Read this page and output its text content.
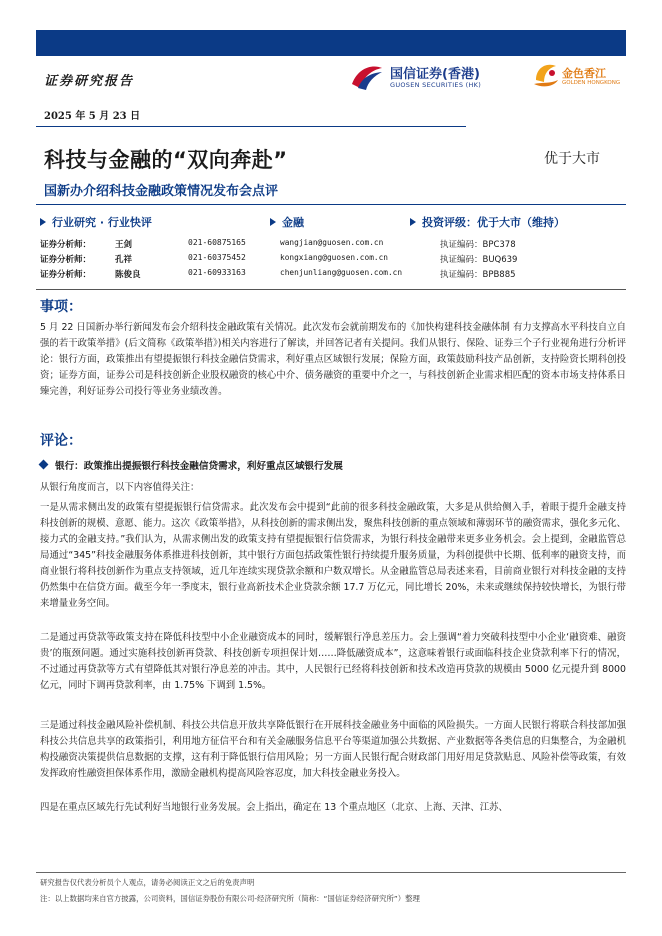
证券研究报告	国信证券(香港)
GUOSEN SECURITIES (HK)
金色香江
GOLDEN HONGKONG
2025 年 5 月 23 日
优于大市
科技与金融的“双向奔赴”
国新办介绍科技金融政策情况发布会点评
行业研究 · 行业快评	金融	投资评级：优于大市（维持）
证券分析师：	王剑	021-60875165	wangjian@guosen.com.cn	执证编码：BPC378
证券分析师：	孔祥	021-60375452	kongxiang@guosen.com.cn	执证编码：BUQ639
证券分析师：	陈俊良	021-60933163	chenjunliang@guosen.com.cn	执证编码：BPB885
事项：
5 月 22 日国新办举行新闻发布会介绍科技金融政策有关情况。此次发布会就前期发布的《加快构建科技金融体制 有力支撑高水平科技自立自强的若干政策举措》(后文简称《政策举措》)相关内容进行了解读，并回答记者有关提问。我们从银行、保险、证券三个子行业视角进行分析评论：银行方面，政策推出有望提振银行科技金融信贷需求，利好重点区域银行发展；保险方面，政策鼓励科技产品创新，支持险资长期科创投资；证券方面，证券公司是科技创新企业股权融资的核心中介、债务融资的重要中介之一，与科技创新企业需求相匹配的资本市场支持体系日臻完善，利好证券公司投行等业务业绩改善。
评论：
银行：政策推出提振银行科技金融信贷需求，利好重点区域银行发展
从银行角度而言，以下内容值得关注：
一是从需求侧出发的政策有望提振银行信贷需求。此次发布会中提到“此前的很多科技金融政策，大多是从供给侧入手，着眼于提升金融支持科技创新的规模、意愿、能力。这次《政策举措》，从科技创新的需求侧出发，聚焦科技创新的重点领域和薄弱环节的融资需求，强化多元化、接力式的金融支持。”我们认为，从需求侧出发的政策支持有望提振银行信贷需求，为银行科技金融带来更多业务机会。会上提到，金融监管总局通过“345”科技金融服务体系推进科技创新，其中银行方面包括政策性银行持续提升服务质量，为科创提供中长期、低利率的融资支持，而商业银行将科技创新作为重点支持领域，近几年连续实现贷款余额和户数双增长。从金融监管总局表述来看，目前商业银行对科技金融的支持仍然集中在信贷方面。截至今年一季度末，银行业高新技术企业贷款余额 17.7 万亿元，同比增长 20%，未来或继续保持较快增长，为银行带来增量业务空间。
二是通过再贷款等政策支持在降低科技型中小企业融资成本的同时，缓解银行净息差压力。会上强调“着力突破科技型中小企业‘融资难、融资贵’的瓶颈问题。通过实施科技创新再贷款、科技创新专项担保计划……降低融资成本”，这意味着银行或面临科技企业贷款利率下行的情况，不过通过再贷款等方式有望降低其对银行净息差的冲击。其中，人民银行已经将科技创新和技术改造再贷款的规模由 5000 亿元提升到 8000 亿元，同时下调再贷款利率，由 1.75% 下调到 1.5%。
三是通过科技金融风险补偿机制、科技公共信息开放共享降低银行在开展科技金融业务中面临的风险损失。一方面人民银行将联合科技部加强科技公共信息共享的政策指引，利用地方征信平台和有关金融服务信息平台等渠道加强公共数据、产业数据等各类信息的归集整合，为金融机构投融资决策提供信息数据的支撑，这有利于降低银行信用风险；另一方面人民银行配合财政部门用好用足贷款贴息、风险补偿等政策，有效发挥政府性融资担保体系作用，激励金融机构提高风险容忍度，加大科技金融业务投入。
四是在重点区域先行先试利好当地银行业务发展。会上指出，确定在 13 个重点地区（北京、上海、天津、江苏、
研究报告仅代表分析员个人观点，请务必阅读正文之后的免责声明
注：以上数据均来自官方披露，公司资料，国信证券股份有限公司-经济研究所（简称：“国信证券经济研究所”）整理
